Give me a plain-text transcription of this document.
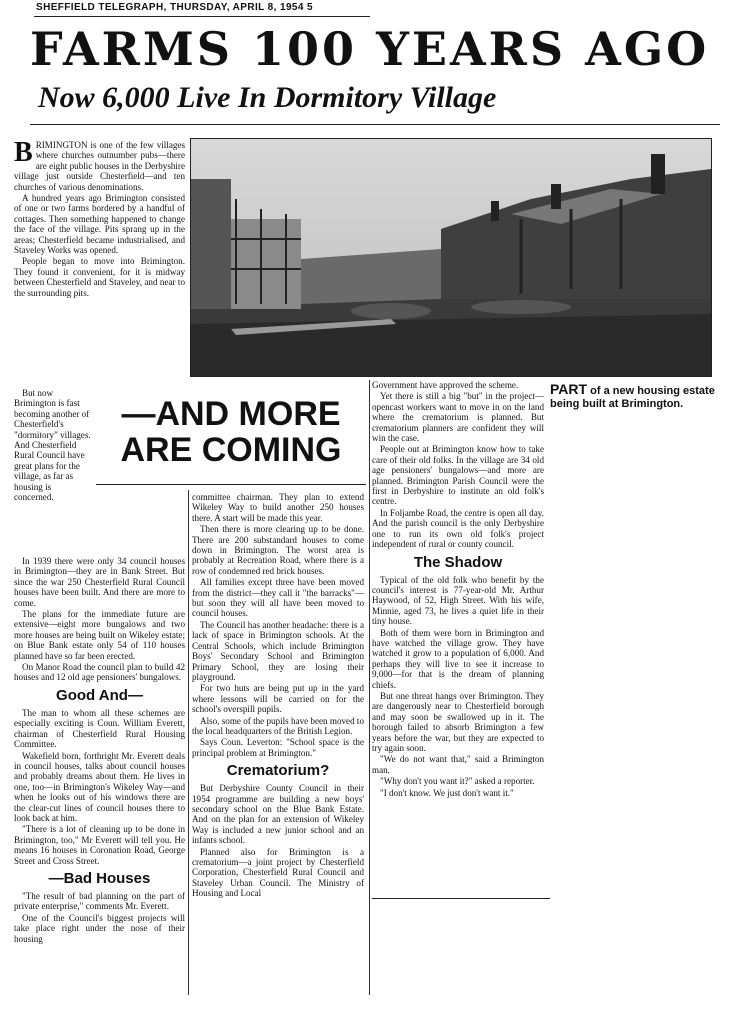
SHEFFIELD TELEGRAPH, THURSDAY, APRIL 8, 1954 5
FARMS 100 YEARS AGO
Now 6,000 Live In Dormitory Village
PART of a new housing estate being built at Brimington.

BRIMINGTON is one of the few villages where churches outnumber pubs—there are eight public houses in the Derbyshire village just outside Chesterfield—and ten churches of various denominations.

A hundred years ago Brimington consisted of one or two farms bordered by a handful of cottages. Then something happened to change the face of the village. Pits sprang up in the areas; Chesterfield became industrialised, and Staveley Works was opened.

People began to move into Brimington. They found it convenient, for it is midway between Chesterfield and Staveley, and near to the surrounding pits.

But now Brimington is fast becoming another of Chesterfield's "dormitory" villages. And Chesterfield Rural Council have great plans for the village, as far as housing is concerned.

In 1939 there were only 34 council houses in Brimington—they are in Bank Street. But since the war 250 Chesterfield Rural Council houses have been built. And there are more to come.

The plans for the immediate future are extensive—eight more bungalows and two more houses are being built on Wikeley estate; on Blue Bank estate only 54 of 110 houses planned have so far been erected.

On Manor Road the council plan to build 42 houses and 12 old age pensioners' bungalows.

Good And—

The man to whom all these schemes are especially exciting is Coun. William Everett, chairman of Chesterfield Rural Housing Committee.

Wakefield born, forthright Mr. Everett deals in council houses, talks about council houses and probably dreams about them. He lives in one, too—in Brimington's Wikeley Way—and when he looks out of his windows there are the clear-cut lines of council houses there to look back at him.

"There is a lot of cleaning up to be done in Brimington, too," Mr Everett will tell you. He means 16 houses in Coronation Road, George Street and Cross Street.

—Bad Houses

"The result of bad planning on the part of private enterprise," comments Mr. Everett.

One of the Council's biggest projects will take place right under the nose of their housing

—AND MORE ARE COMING

committee chairman. They plan to extend Wikeley Way to build another 250 houses there. A start will be made this year.

Then there is more clearing up to be done. There are 200 substandard houses to come down in Brimington. The worst area is probably at Recreation Road, where there is a row of condemned red brick houses.

All families except three have been moved from the district—they call it "the barracks"—but soon they will all have been moved to council houses.

The Council has another headache: there is a lack of space in Brimington schools. At the Central Schools, which include Brimington Boys' Secondary School and Brimington Primary School, they are losing their playground.

For two huts are being put up in the yard where lessons will be carried on for the school's overspill pupils.

Also, some of the pupils have been moved to the local headquarters of the British Legion.

Says Coun. Leverton: "School space is the principal problem at Brimington."

Crematorium?

But Derbyshire County Council in their 1954 programme are building a new boys' secondary school on the Blue Bank Estate. And on the plan for an extension of Wikeley Way is included a new junior school and an infants school.

Planned also for Brimington is a crematorium—a joint project by Chesterfield Corporation, Chesterfield Rural Council and Staveley Urban Council. The Ministry of Housing and Local

Government have approved the scheme.

Yet there is still a big "but" in the project—opencast workers want to move in on the land where the crematorium is planned. But crematorium planners are confident they will win the case.

People out at Brimington know how to take care of their old folks. In the village are 34 old age pensioners' bungalows—and more are planned. Brimington Parish Council were the first in Derbyshire to institute an old folk's centre.

In Foljambe Road, the centre is open all day. And the parish council is the only Derbyshire one to run its own old folk's project independent of rural or county council.

The Shadow

Typical of the old folk who benefit by the council's interest is 77-year-old Mr. Arthur Haywood, of 52, High Street. With his wife, Minnie, aged 73, he lives a quiet life in their tiny house.

Both of them were born in Brimington and have watched the village grow. They have watched it grow to a population of 6,000. And perhaps they will live to see it increase to 9,000—for that is the dream of planning chiefs.

But one threat hangs over Brimington. They are dangerously near to Chesterfield borough and may soon be swallowed up in it. The borough failed to absorb Brimington a few years before the war, but they are expected to try again soon.

"We do not want that," said a Brimington man.

"Why don't you want it?" asked a reporter.

"I don't know. We just don't want it."
